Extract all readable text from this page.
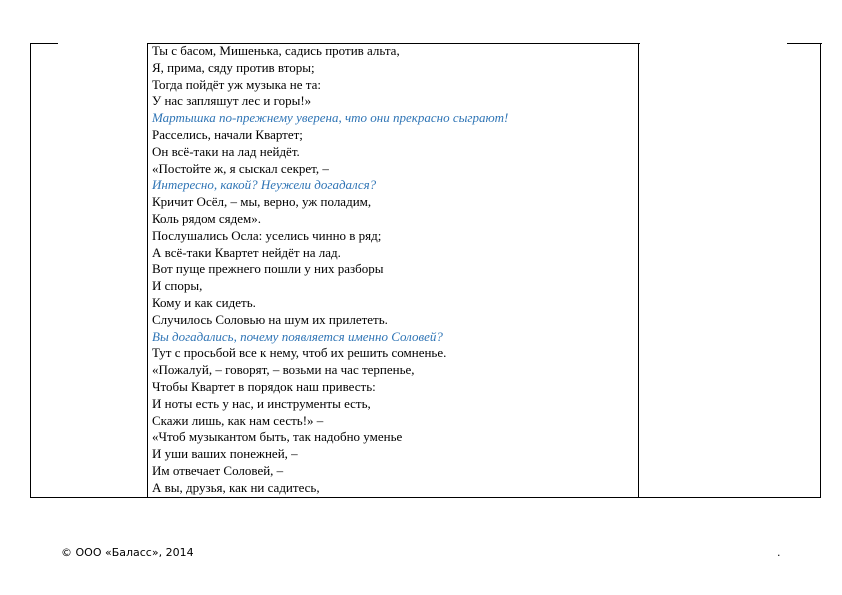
Ты с басом, Мишенька, садись против альта,
Я, прима, сяду против вторы;
Тогда пойдёт уж музыка не та:
У нас запляшут лес и горы!»
Мартышка по-прежнему уверена, что они прекрасно сыграют!
Расселись, начали Квартет;
Он всё-таки на лад нейдёт.
«Постойте ж, я сыскал секрет, –
Интересно, какой? Неужели догадался?
Кричит Осёл, – мы, верно, уж поладим,
Коль рядом сядем».
Послушались Осла: уселись чинно в ряд;
А всё-таки Квартет нейдёт на лад.
Вот пуще прежнего пошли у них разборы
И споры,
Кому и как сидеть.
Случилось Соловью на шум их прилететь.
Вы догадались, почему появляется именно Соловей?
Тут с просьбой все к нему, чтоб их решить сомненье.
«Пожалуй, – говорят, – возьми на час терпенье,
Чтобы Квартет в порядок наш привесть:
И ноты есть у нас, и инструменты есть,
Скажи лишь, как нам сесть!» –
«Чтоб музыкантом быть, так надобно уменье
И уши ваших понежней, –
Им отвечает Соловей, –
А вы, друзья, как ни садитесь,
© ООО «Баласс», 2014	.
